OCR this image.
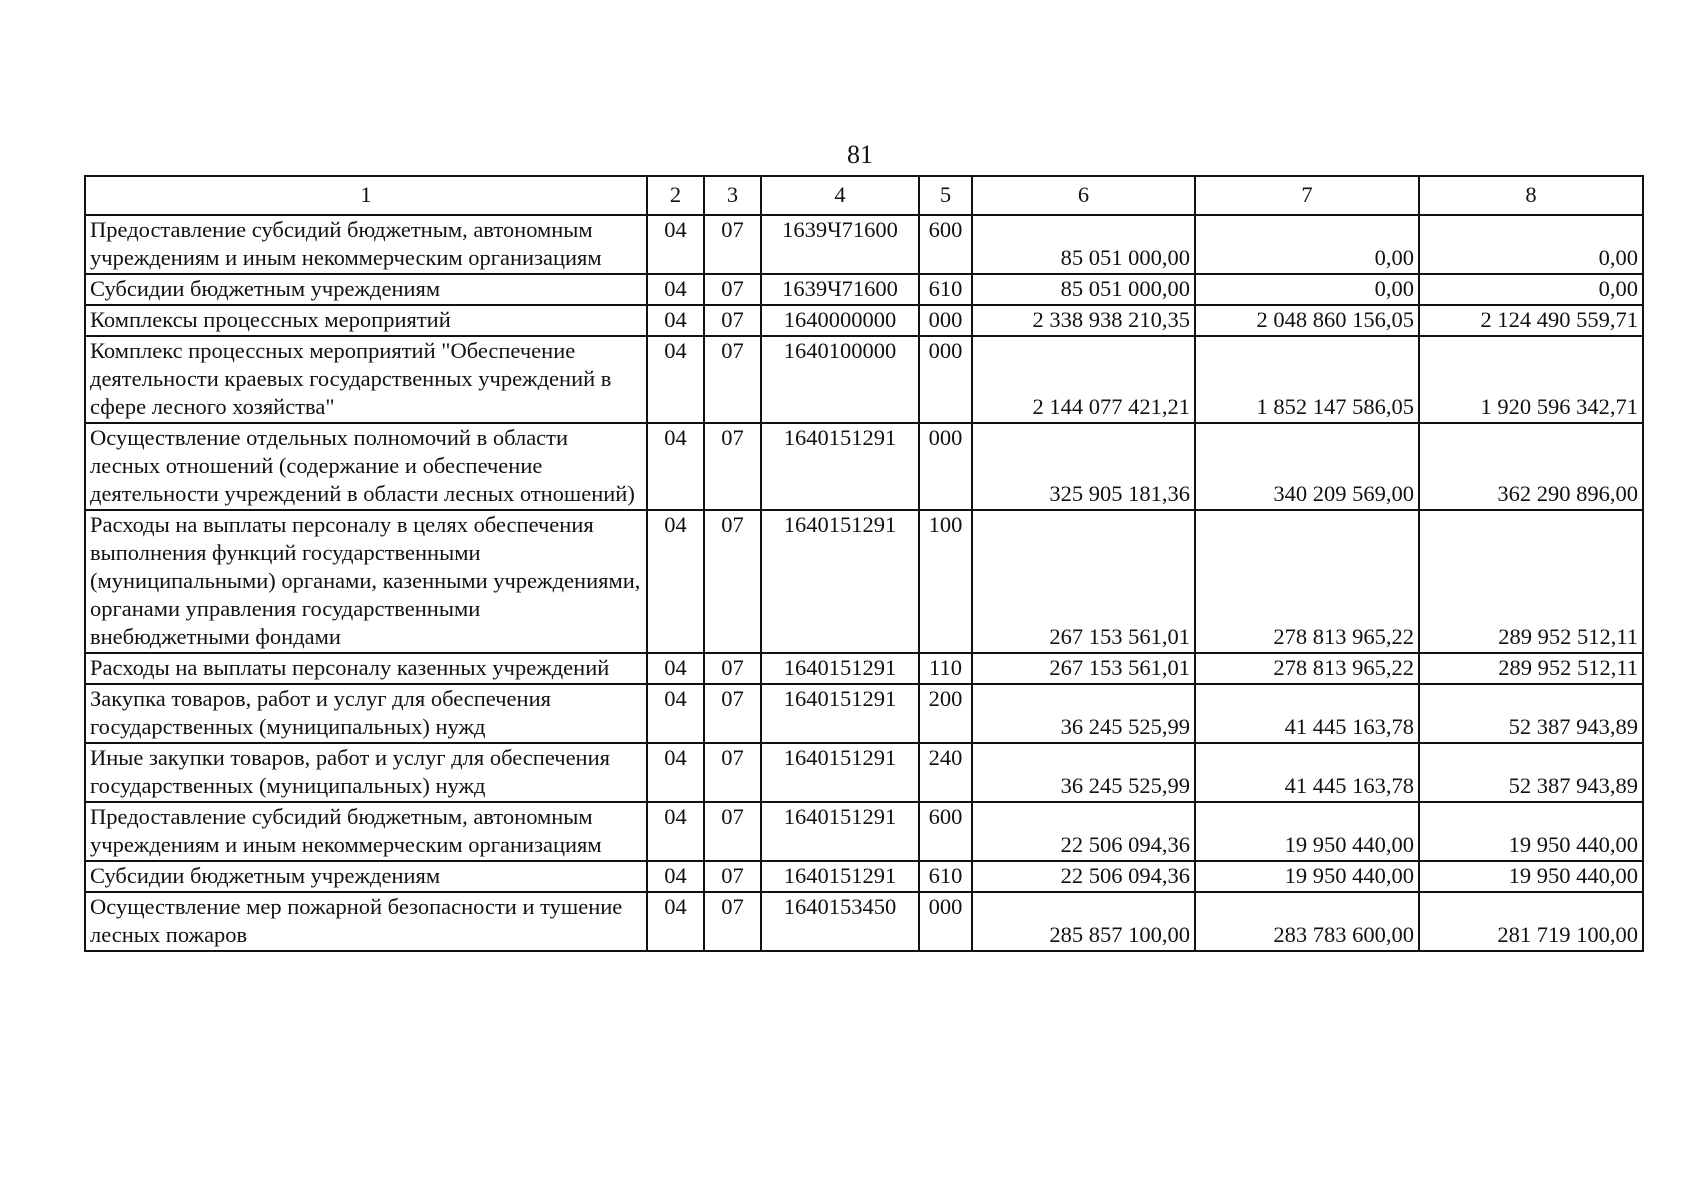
81
1	2	3	4	5	6	7	8
Предоставление субсидий бюджетным, автономным учреждениям и иным некоммерческим организациям	04	07	1639Ч71600	600	85 051 000,00	0,00	0,00
Субсидии бюджетным учреждениям	04	07	1639Ч71600	610	85 051 000,00	0,00	0,00
Комплексы процессных мероприятий	04	07	1640000000	000	2 338 938 210,35	2 048 860 156,05	2 124 490 559,71
Комплекс процессных мероприятий "Обеспечение деятельности краевых государственных учреждений в сфере лесного хозяйства"	04	07	1640100000	000	2 144 077 421,21	1 852 147 586,05	1 920 596 342,71
Осуществление отдельных полномочий в области лесных отношений (содержание и обеспечение деятельности учреждений в области лесных отношений)	04	07	1640151291	000	325 905 181,36	340 209 569,00	362 290 896,00
Расходы на выплаты персоналу в целях обеспечения выполнения функций государственными (муниципальными) органами, казенными учреждениями, органами управления государственными внебюджетными фондами	04	07	1640151291	100	267 153 561,01	278 813 965,22	289 952 512,11
Расходы на выплаты персоналу казенных учреждений	04	07	1640151291	110	267 153 561,01	278 813 965,22	289 952 512,11
Закупка товаров, работ и услуг для обеспечения государственных (муниципальных) нужд	04	07	1640151291	200	36 245 525,99	41 445 163,78	52 387 943,89
Иные закупки товаров, работ и услуг для обеспечения государственных (муниципальных) нужд	04	07	1640151291	240	36 245 525,99	41 445 163,78	52 387 943,89
Предоставление субсидий бюджетным, автономным учреждениям и иным некоммерческим организациям	04	07	1640151291	600	22 506 094,36	19 950 440,00	19 950 440,00
Субсидии бюджетным учреждениям	04	07	1640151291	610	22 506 094,36	19 950 440,00	19 950 440,00
Осуществление мер пожарной безопасности и тушение лесных пожаров	04	07	1640153450	000	285 857 100,00	283 783 600,00	281 719 100,00
